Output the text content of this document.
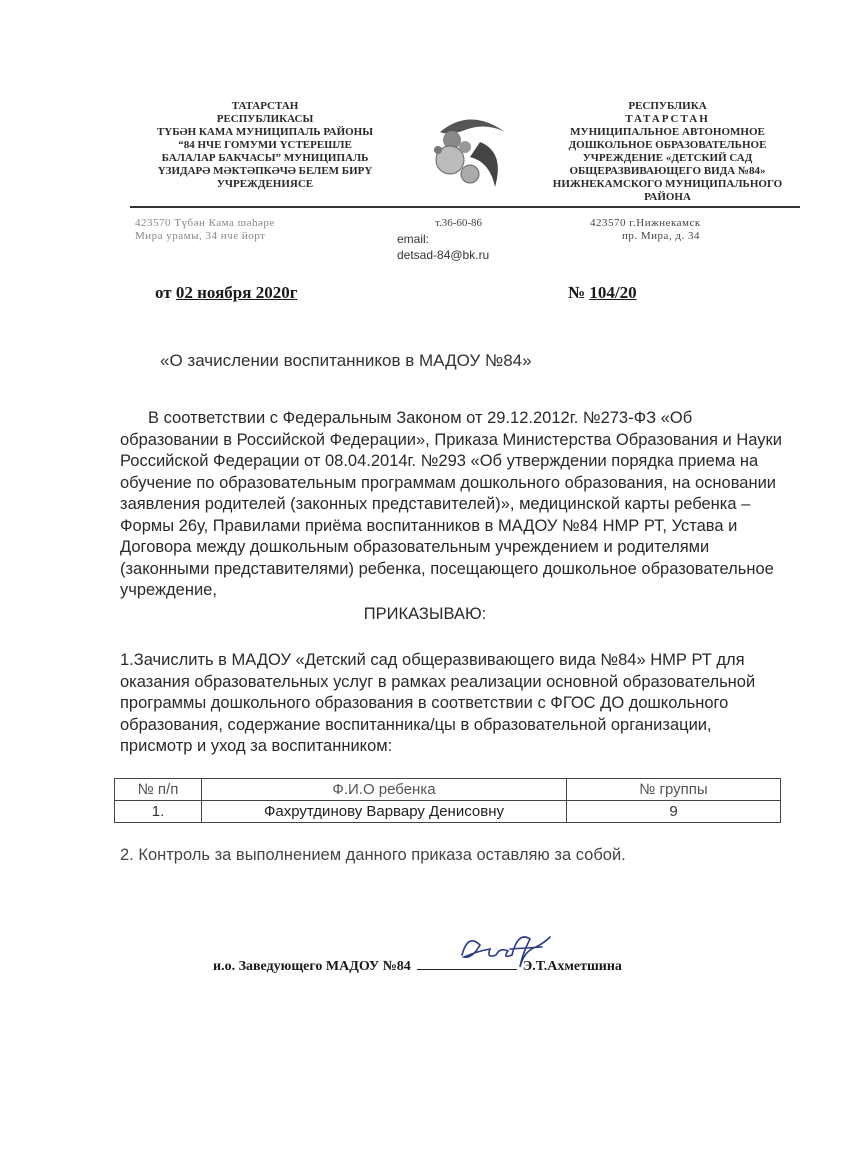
ТАТАРСТАН
РЕСПУБЛИКАСЫ
ТҮБӘН КАМА МУНИЦИПАЛЬ РАЙОНЫ
“84 НЧЕ ГОМУМИ ҮСТЕРЕШЛЕ
БАЛАЛАР БАКЧАСЫ” МУНИЦИПАЛЬ
ҮЗИДАРӘ МӘКТӘПКӘЧӘ БЕЛЕМ БИРҮ
УЧРЕЖДЕНИЯСЕ
РЕСПУБЛИКА
ТАТАРСТАН
МУНИЦИПАЛЬНОЕ АВТОНОМНОЕ
ДОШКОЛЬНОЕ ОБРАЗОВАТЕЛЬНОЕ
УЧРЕЖДЕНИЕ «ДЕТСКИЙ САД
ОБЩЕРАЗВИВАЮЩЕГО ВИДА №84»
НИЖНЕКАМСКОГО МУНИЦИПАЛЬНОГО
РАЙОНА
423570 Түбән Кама шәһәре
Мира урамы, 34 нче йорт
т.36-60-86
email:
detsad-84@bk.ru
423570 г.Нижнекамск
пр. Мира, д. 34
от 02 ноября 2020г	№ 104/20
«О зачислении воспитанников в МАДОУ №84»
В соответствии с Федеральным Законом от 29.12.2012г. №273-ФЗ «Об образовании в Российской Федерации», Приказа Министерства Образования и Науки Российской Федерации от 08.04.2014г. №293 «Об утверждении порядка приема на обучение по образовательным программам дошкольного образования, на основании заявления родителей (законных представителей)», медицинской карты ребенка – Формы 26у, Правилами приёма воспитанников в МАДОУ №84 НМР РТ, Устава и Договора между дошкольным образовательным учреждением и родителями (законными представителями) ребенка, посещающего дошкольное образовательное учреждение,
ПРИКАЗЫВАЮ:
1.Зачислить в МАДОУ «Детский сад общеразвивающего вида №84» НМР РТ для оказания образовательных услуг в рамках реализации основной образовательной программы дошкольного образования в соответствии с ФГОС ДО дошкольного образования, содержание воспитанника/цы в образовательной организации, присмотр и уход за воспитанником:
№ п/п	Ф.И.О ребенка	№ группы
1.	Фахрутдинову Варвару Денисовну	9
2. Контроль за выполнением данного приказа оставляю за собой.
и.о. Заведующего МАДОУ №84	Э.Т.Ахметшина
